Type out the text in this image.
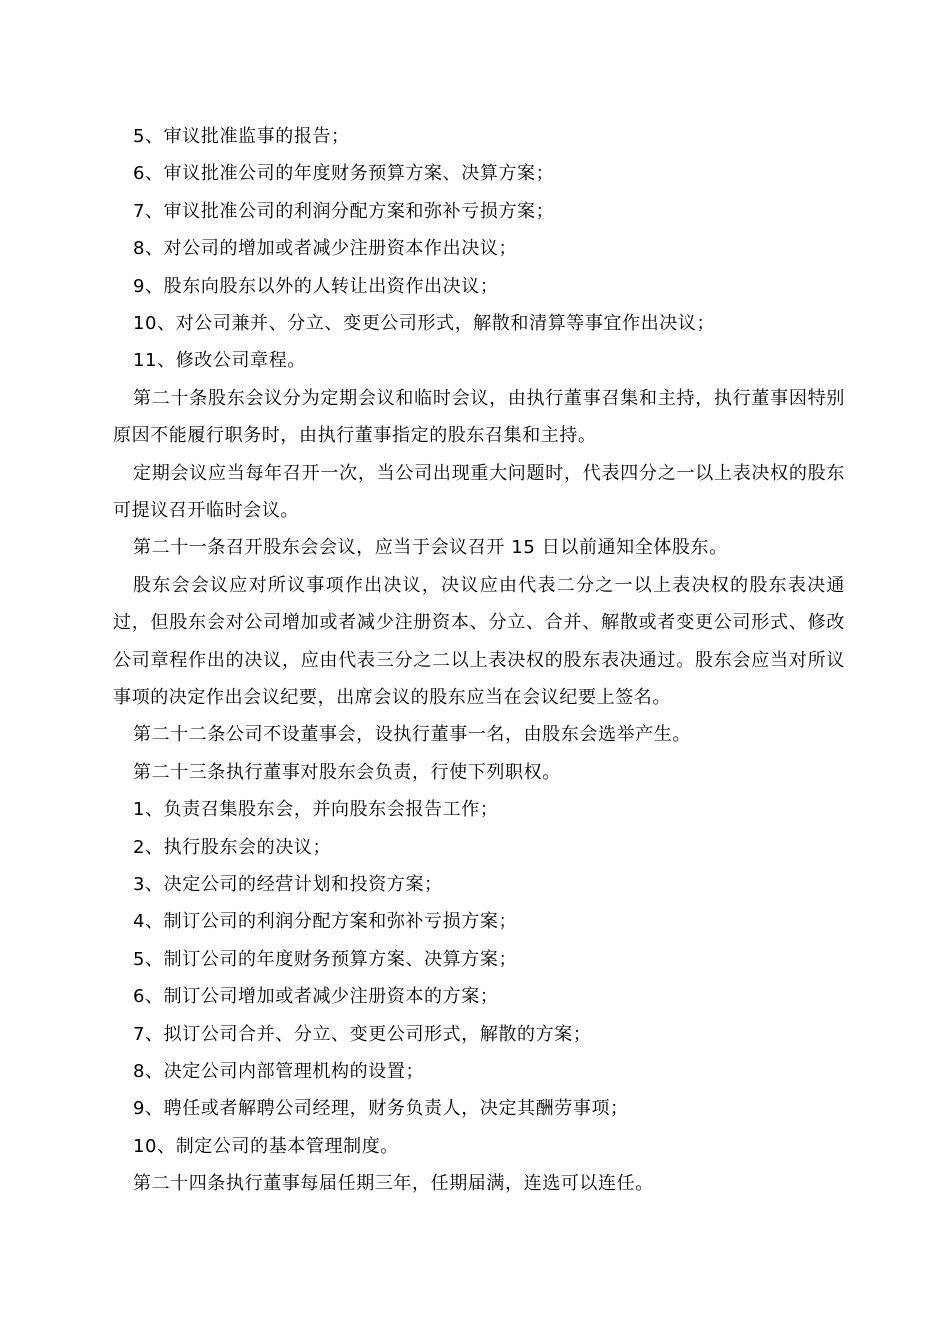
5、审议批准监事的报告；

6、审议批准公司的年度财务预算方案、决算方案；

7、审议批准公司的利润分配方案和弥补亏损方案；

8、对公司的增加或者减少注册资本作出决议；

9、股东向股东以外的人转让出资作出决议；

10、对公司兼并、分立、变更公司形式，解散和清算等事宜作出决议；

11、修改公司章程。

第二十条股东会议分为定期会议和临时会议，由执行董事召集和主持，执行董事因特别原因不能履行职务时，由执行董事指定的股东召集和主持。

定期会议应当每年召开一次，当公司出现重大问题时，代表四分之一以上表决权的股东可提议召开临时会议。

第二十一条召开股东会会议，应当于会议召开 15 日以前通知全体股东。

股东会会议应对所议事项作出决议，决议应由代表二分之一以上表决权的股东表决通过，但股东会对公司增加或者减少注册资本、分立、合并、解散或者变更公司形式、修改公司章程作出的决议，应由代表三分之二以上表决权的股东表决通过。股东会应当对所议事项的决定作出会议纪要，出席会议的股东应当在会议纪要上签名。

第二十二条公司不设董事会，设执行董事一名，由股东会选举产生。

第二十三条执行董事对股东会负责，行使下列职权。

1、负责召集股东会，并向股东会报告工作；

2、执行股东会的决议；

3、决定公司的经营计划和投资方案；

4、制订公司的利润分配方案和弥补亏损方案；

5、制订公司的年度财务预算方案、决算方案；

6、制订公司增加或者减少注册资本的方案；

7、拟订公司合并、分立、变更公司形式，解散的方案；

8、决定公司内部管理机构的设置；

9、聘任或者解聘公司经理，财务负责人，决定其酬劳事项；

10、制定公司的基本管理制度。

第二十四条执行董事每届任期三年，任期届满，连选可以连任。
